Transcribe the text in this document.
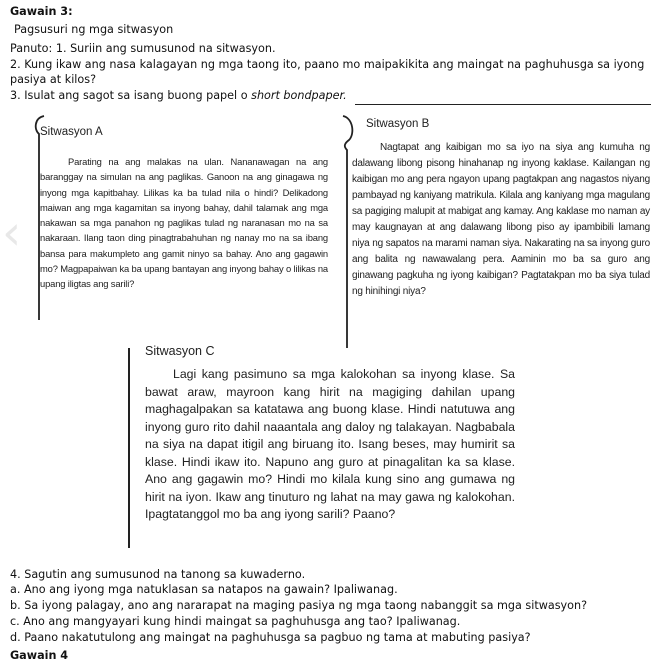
Gawain 3:
Pagsusuri ng mga sitwasyon
Panuto: 1. Suriin ang sumusunod na sitwasyon.
2. Kung ikaw ang nasa kalagayan ng mga taong ito, paano mo maipakikita ang maingat na paghuhusga sa iyong pasiya at kilos?
3. Isulat ang sagot sa isang buong papel o short bondpaper.
‹
Sitwasyon A
Parating na ang malakas na ulan. Nananawagan na ang baranggay na simulan na ang paglikas. Ganoon na ang ginagawa ng inyong mga kapitbahay. Lilikas ka ba tulad nila o hindi? Delikadong maiwan ang mga kagamitan sa inyong bahay, dahil talamak ang mga nakawan sa mga panahon ng paglikas tulad ng naranasan mo na sa nakaraan. Ilang taon ding pinagtrabahuhan ng nanay mo na sa ibang bansa para makumpleto ang gamit ninyo sa bahay. Ano ang gagawin mo? Magpapaiwan ka ba upang bantayan ang inyong bahay o lilikas na upang iligtas ang sarili?
Sitwasyon B
Nagtapat ang kaibigan mo sa iyo na siya ang kumuha ng dalawang libong pisong hinahanap ng inyong kaklase. Kailangan ng kaibigan mo ang pera ngayon upang pagtakpan ang nagastos niyang pambayad ng kaniyang matrikula. Kilala ang kaniyang mga magulang sa pagiging malupit at mabigat ang kamay. Ang kaklase mo naman ay may kaugnayan at ang dalawang libong piso ay ipambibili lamang niya ng sapatos na marami naman siya. Nakarating na sa inyong guro ang balita ng nawawalang pera. Aaminin mo ba sa guro ang ginawang pagkuha ng iyong kaibigan? Pagtatakpan mo ba siya tulad ng hinihingi niya?
Sitwasyon C
Lagi kang pasimuno sa mga kalokohan sa inyong klase. Sa bawat araw, mayroon kang hirit na magiging dahilan upang maghagalpakan sa katatawa ang buong klase. Hindi natutuwa ang inyong guro rito dahil naaantala ang daloy ng talakayan. Nagbabala na siya na dapat itigil ang biruang ito. Isang beses, may humirit sa klase. Hindi ikaw ito. Napuno ang guro at pinagalitan ka sa klase. Ano ang gagawin mo? Hindi mo kilala kung sino ang gumawa ng hirit na iyon. Ikaw ang tinuturo ng lahat na may gawa ng kalokohan. Ipagtatanggol mo ba ang iyong sarili? Paano?
4. Sagutin ang sumusunod na tanong sa kuwaderno.
a. Ano ang iyong mga natuklasan sa natapos na gawain? Ipaliwanag.
b. Sa iyong palagay, ano ang nararapat na maging pasiya ng mga taong nabanggit sa mga sitwasyon?
c. Ano ang mangyayari kung hindi maingat sa paghuhusga ang tao? Ipaliwanag.
d. Paano nakatutulong ang maingat na paghuhusga sa pagbuo ng tama at mabuting pasiya?
Gawain 4
